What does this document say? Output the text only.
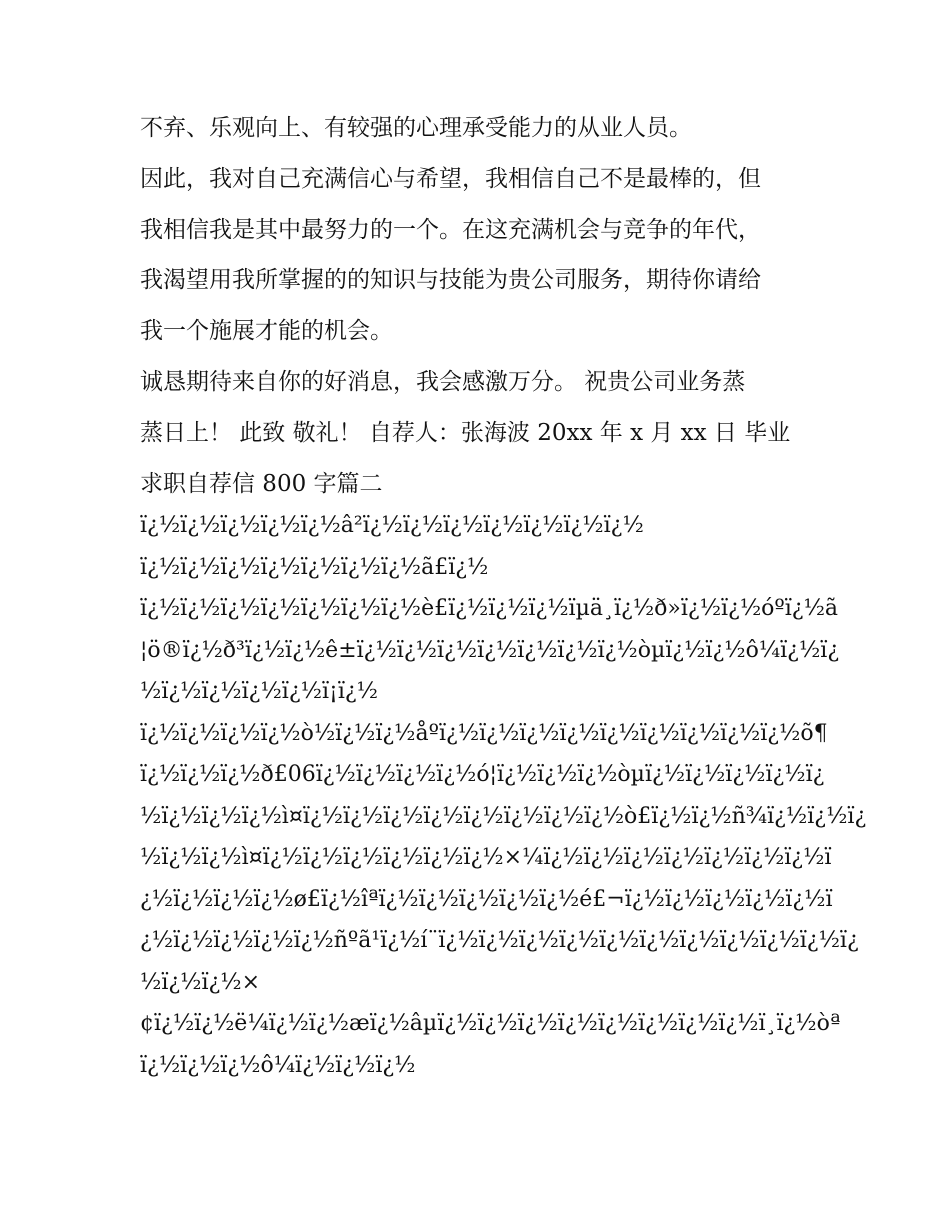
不弃、乐观向上、有较强的心理承受能力的从业人员。
因此，我对自己充满信心与希望，我相信自己不是最棒的，但
我相信我是其中最努力的一个。在这充满机会与竞争的年代，
我渴望用我所掌握的的知识与技能为贵公司服务，期待你请给
我一个施展才能的机会。
诚恳期待来自你的好消息，我会感激万分。 祝贵公司业务蒸
蒸日上！ 此致 敬礼！ 自荐人：张海波 20xx 年 x 月 xx 日 毕业
求职自荐信 800 字篇二
ï¿½ï¿½ï¿½ï¿½ï¿½â²ï¿½ï¿½ï¿½ï¿½ï¿½ï¿½ï¿½
ï¿½ï¿½ï¿½ï¿½ï¿½ï¿½ï¿½ã£ï¿½
ï¿½ï¿½ï¿½ï¿½ï¿½ï¿½ï¿½è£ï¿½ï¿½ï¿½ïµä¸ï¿½ð»ï¿½ï¿½óºï¿½ã
¦ö®ï¿½ð³ï¿½ï¿½ê±ï¿½ï¿½ï¿½ï¿½ï¿½ï¿½ï¿½òµï¿½ï¿½ô¼ï¿½ï¿
½ï¿½ï¿½ï¿½ï¿½ï¡ï¿½
ï¿½ï¿½ï¿½ï¿½ò½ï¿½ï¿½åºï¿½ï¿½ï¿½ï¿½ï¿½ï¿½ï¿½ï¿½ï¿½õ¶
ï¿½ï¿½ï¿½ð£06ï¿½ï¿½ï¿½ï¿½ó¦ï¿½ï¿½ï¿½òµï¿½ï¿½ï¿½ï¿½ï¿
½ï¿½ï¿½ï¿½ì¤ï¿½ï¿½ï¿½ï¿½ï¿½ï¿½ï¿½ï¿½ò£ï¿½ï¿½ñ¾ï¿½ï¿½ï¿
½ï¿½ï¿½ì¤ï¿½ï¿½ï¿½ï¿½ï¿½ï¿½×¼ï¿½ï¿½ï¿½ï¿½ï¿½ï¿½ï¿½ï
¿½ï¿½ï¿½ï¿½ø£ï¿½îªï¿½ï¿½ï¿½ï¿½ï¿½é£¬ï¿½ï¿½ï¿½ï¿½ï¿½ï
¿½ï¿½ï¿½ï¿½ï¿½ñºã¹ï¿½í¨ï¿½ï¿½ï¿½ï¿½ï¿½ï¿½ï¿½ï¿½ï¿½ï¿½ï¿
½ï¿½ï¿½×
¢ï¿½ï¿½ë¼ï¿½ï¿½æï¿½âµï¿½ï¿½ï¿½ï¿½ï¿½ï¿½ï¿½ï¿½ï¸ï¿½òª
ï¿½ï¿½ï¿½ô¼ï¿½ï¿½ï¿½
